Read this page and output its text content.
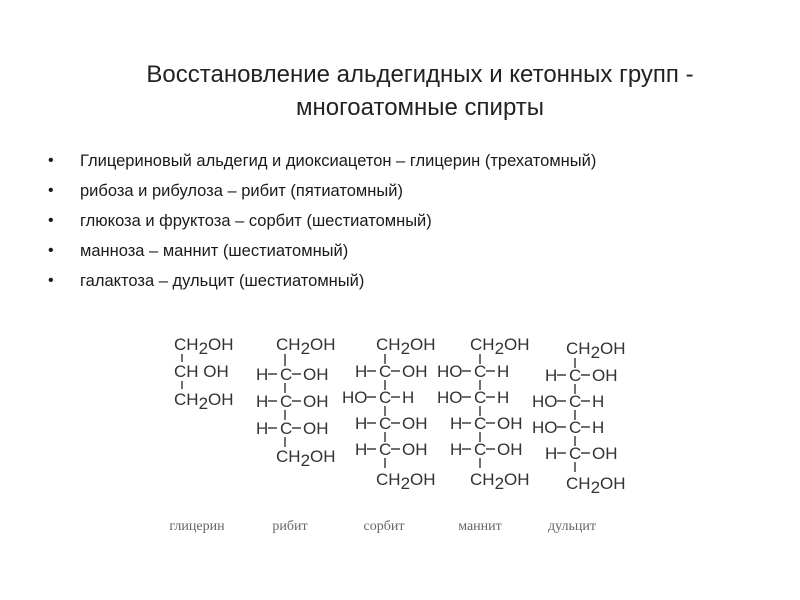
Восстановление альдегидных и кетонных групп -
многоатомные спирты
• Глицериновый альдегид и диоксиацетон – глицерин (трехатомный)
• рибоза и рибулоза – рибит (пятиатомный)
• глюкоза и фруктоза – сорбит (шестиатомный)
• манноза – маннит (шестиатомный)
• галактоза – дульцит (шестиатомный)
CH2OH
CH OH
CH2OH
CH2OH
H C OH
H C OH
H C OH
CH2OH
CH2OH
H C OH
HO C H
H C OH
H C OH
CH2OH
CH2OH
HO C H
HO C H
H C OH
H C OH
CH2OH
CH2OH
H C OH
HO C H
HO C H
H C OH
CH2OH
глицерин	рибит	сорбит	маннит	дульцит
